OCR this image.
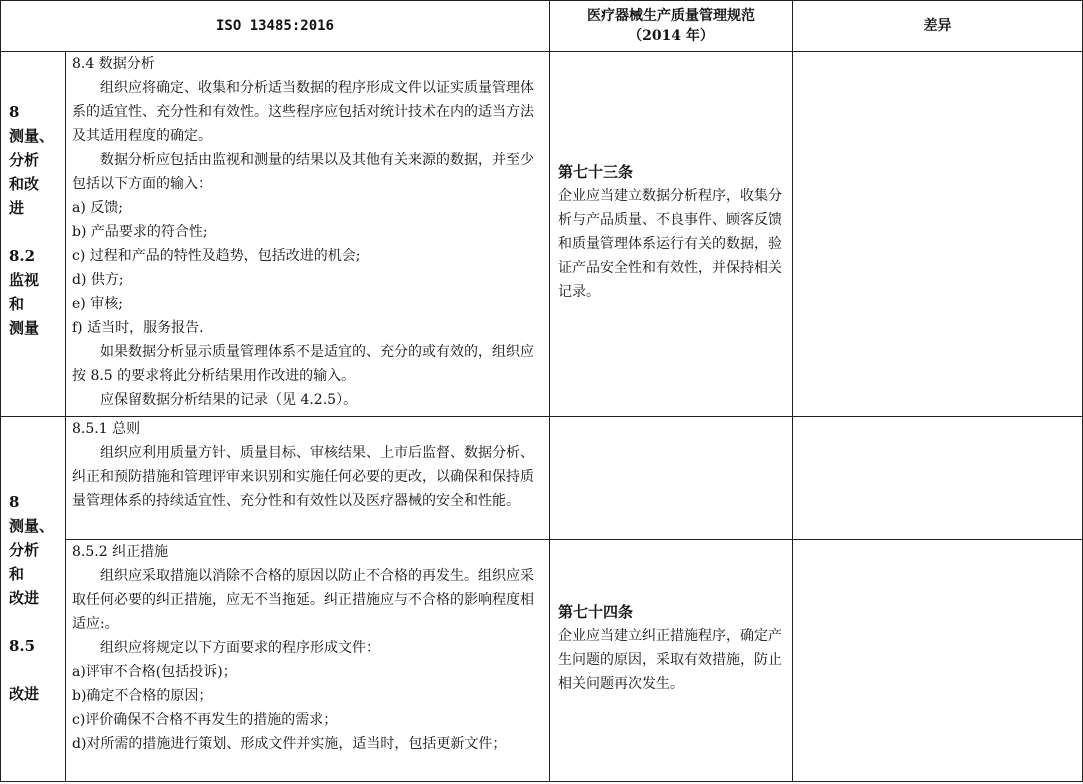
ISO 13485:2016
医疗器械生产质量管理规范
（2014 年）
差异
8
测量、
分析
和改
进
8.2
监视
和
测量
8.4 数据分析

组织应将确定、收集和分析适当数据的程序形成文件以证实质量管理体系的适宜性、充分性和有效性。这些程序应包括对统计技术在内的适当方法及其适用程度的确定。

数据分析应包括由监视和测量的结果以及其他有关来源的数据，并至少包括以下方面的输入：

a) 反馈;

b) 产品要求的符合性;

c) 过程和产品的特性及趋势，包括改进的机会;

d) 供方;

e) 审核;

f) 适当时，服务报告.

如果数据分析显示质量管理体系不是适宜的、充分的或有效的，组织应按 8.5 的要求将此分析结果用作改进的输入。

应保留数据分析结果的记录（见 4.2.5）。

第七十三条

企业应当建立数据分析程序，收集分析与产品质量、不良事件、顾客反馈和质量管理体系运行有关的数据，验证产品安全性和有效性，并保持相关记录。

8
测量、
分析
和
改进
8.5
改进
8.5.1 总则

组织应利用质量方针、质量目标、审核结果、上市后监督、数据分析、纠正和预防措施和管理评审来识别和实施任何必要的更改，以确保和保持质量管理体系的持续适宜性、充分性和有效性以及医疗器械的安全和性能。

8.5.2 纠正措施

组织应采取措施以消除不合格的原因以防止不合格的再发生。组织应采取任何必要的纠正措施，应无不当拖延。纠正措施应与不合格的影响程度相适应:。

组织应将规定以下方面要求的程序形成文件：

a)评审不合格(包括投诉)；

b)确定不合格的原因；

c)评价确保不合格不再发生的措施的需求；

d)对所需的措施进行策划、形成文件并实施，适当时，包括更新文件；

第七十四条

企业应当建立纠正措施程序，确定产生问题的原因，采取有效措施，防止相关问题再次发生。
